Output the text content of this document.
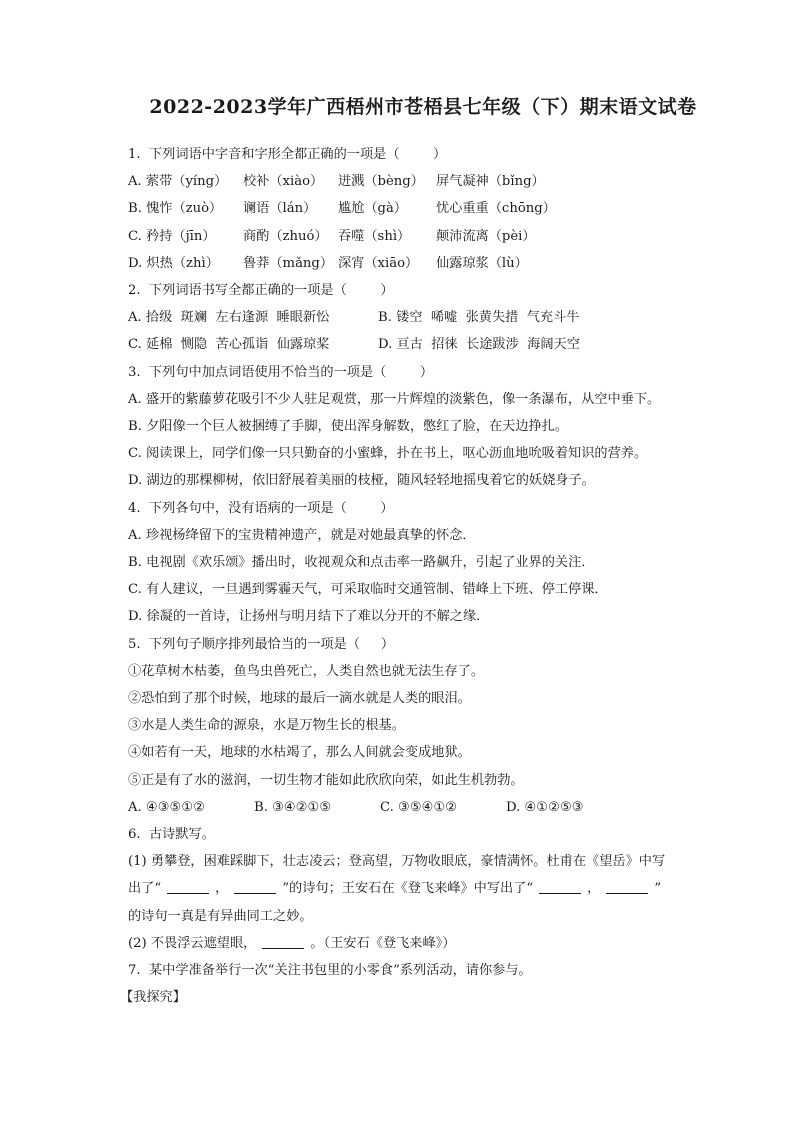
2022-2023学年广西梧州市苍梧县七年级（下）期末语文试卷
1.  下列词语中字音和字形全都正确的一项是（        ）
A. 萦带（yíng）	校补（xiào）	迸溅（bèng） 屏气凝神（bǐng）
B. 愧怍（zuò）	谰语（lán）	尴尬（gà）	忧心重重（chōng）
C. 矜持（jīn）	商酌（zhuó） 吞噬（shì）	颠沛流离（pèi）
D. 炽热（zhì）	鲁莽（mǎng） 深宵（xiāo）	仙露琼浆（lù）
2.  下列词语书写全都正确的一项是（        ）
A. 拾级  斑斓  左右逢源  睡眼新忪	B. 镂空  唏嘘  张黄失措  气充斗牛
C. 延棉  恻隐  苦心孤诣  仙露琼桨	D. 亘古  招徕  长途跋涉  海阔天空
3.  下列句中加点词语使用不恰当的一项是（        ）
A. 盛开的紫藤萝花吸引不少人驻足观赏，那一片辉煌的淡紫色，像一条瀑布，从空中垂下。
B. 夕阳像一个巨人被捆缚了手脚，使出浑身解数，憋红了脸，在天边挣扎。
C. 阅读课上，同学们像一只只勤奋的小蜜蜂，扑在书上，呕心沥血地吮吸着知识的营养。
D. 湖边的那棵柳树，依旧舒展着美丽的枝桠，随风轻轻地摇曳着它的妖娆身子。
4.  下列各句中，没有语病的一项是（        ）
A. 珍视杨绛留下的宝贵精神遗产，就是对她最真挚的怀念．
B. 电视剧《欢乐颂》播出时，收视观众和点击率一路飙升，引起了业界的关注．
C. 有人建议，一旦遇到雾霾天气，可采取临时交通管制、错峰上下班、停工停课．
D. 徐凝的一首诗，让扬州与明月结下了难以分开的不解之缘．
5.  下列句子顺序排列最恰当的一项是（     ）
①花草树木枯萎，鱼鸟虫兽死亡，人类自然也就无法生存了。
②恐怕到了那个时候，地球的最后一滴水就是人类的眼泪。
③水是人类生命的源泉，水是万物生长的根基。
④如若有一天，地球的水枯竭了，那么人间就会变成地狱。
⑤正是有了水的滋润，一切生物才能如此欣欣向荣，如此生机勃勃。
A. ④③⑤①②	B. ③④②①⑤	C. ③⑤④①②	D. ④①②⑤③
6.  古诗默写。
(1) 勇攀登，困难踩脚下，壮志凌云；登高望，万物收眼底，豪情满怀。杜甫在《望岳》中写
出了“	，	”的诗句；王安石在《登飞来峰》中写出了“	，	”
的诗句一真是有异曲同工之妙。
(2) 不畏浮云遮望眼，	。（王安石《登飞来峰》）
7.  某中学准备举行一次“关注书包里的小零食”系列活动，请你参与。
【我探究】
